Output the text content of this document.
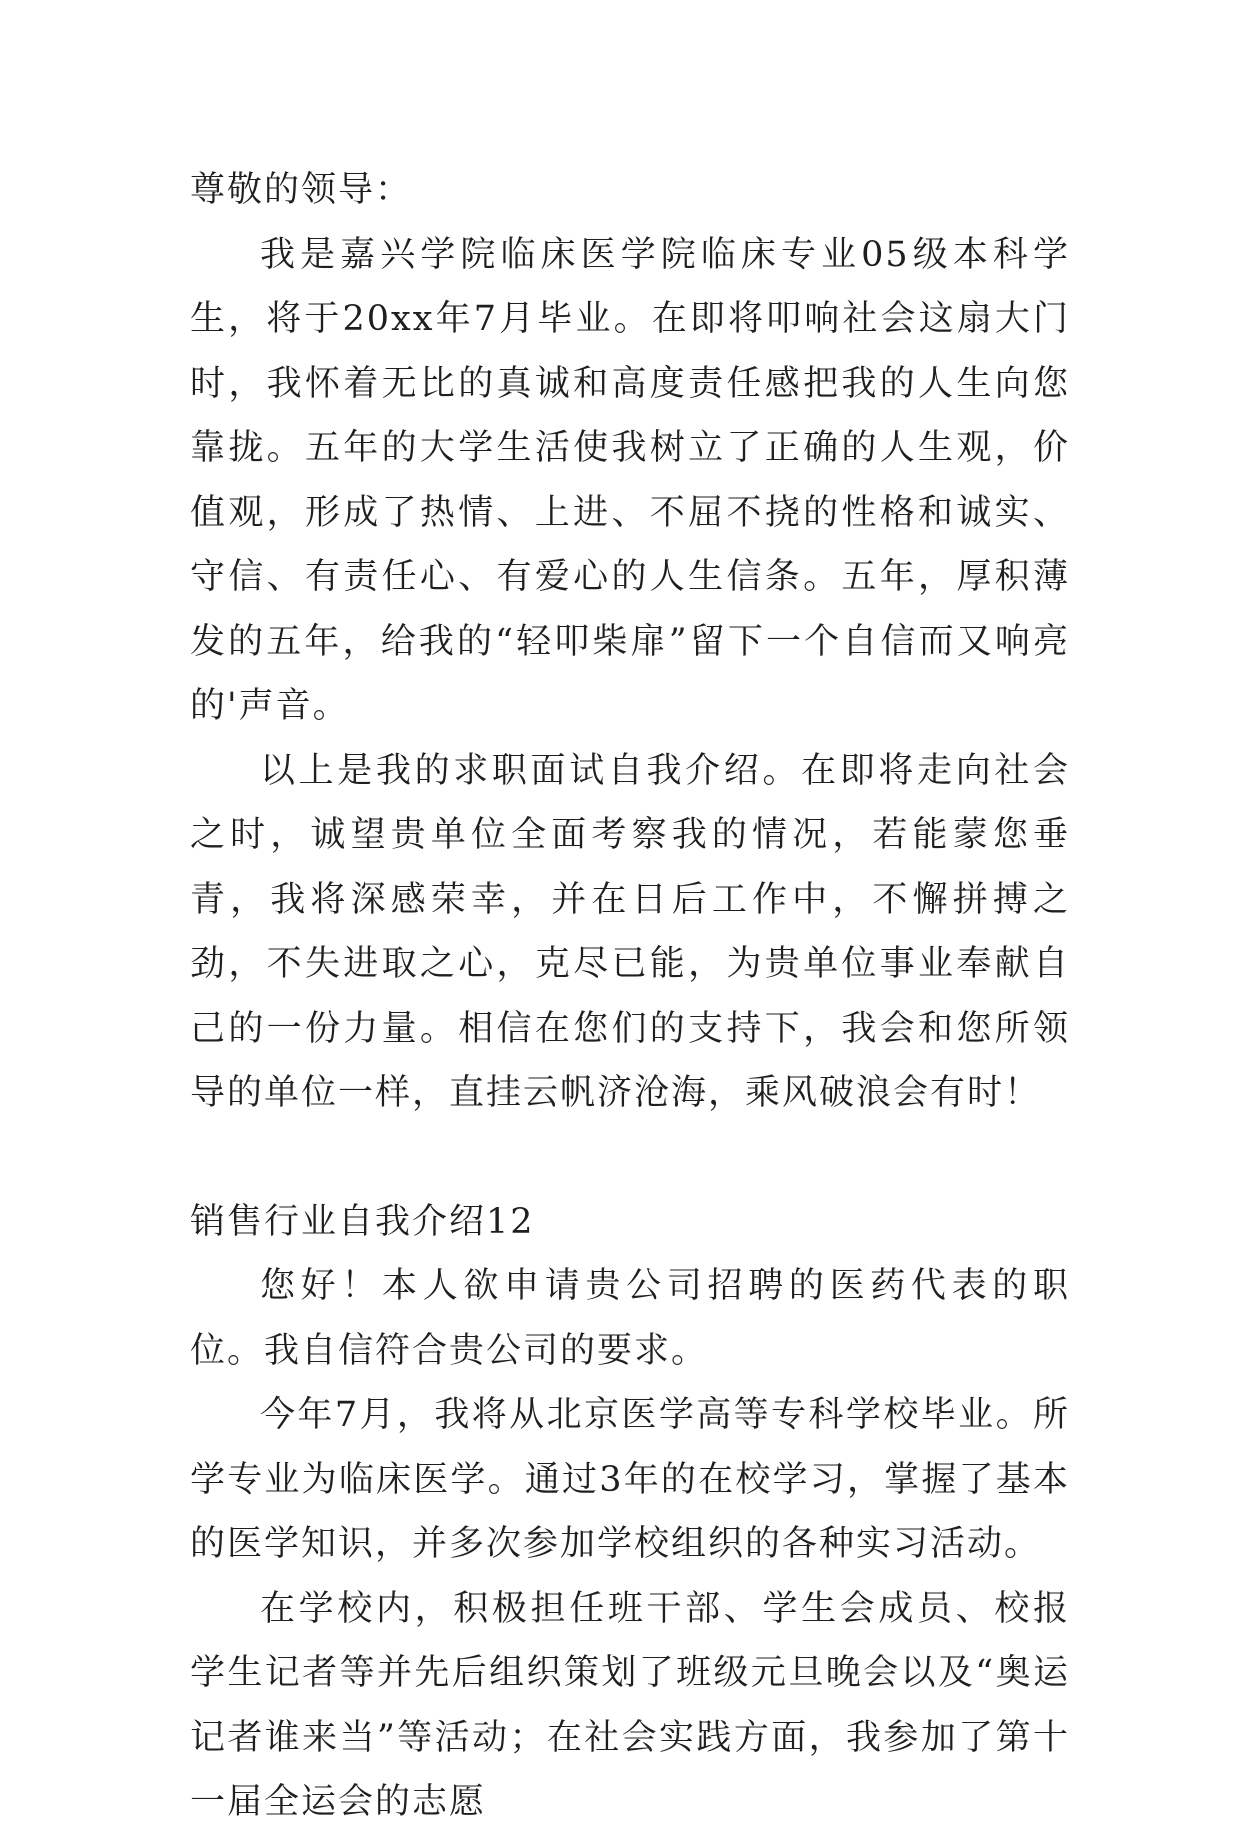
尊敬的领导：

我是嘉兴学院临床医学院临床专业05级本科学生，将于20xx年7月毕业。在即将叩响社会这扇大门时，我怀着无比的真诚和高度责任感把我的人生向您靠拢。五年的大学生活使我树立了正确的人生观，价值观，形成了热情、上进、不屈不挠的性格和诚实、守信、有责任心、有爱心的人生信条。五年，厚积薄发的五年，给我的“轻叩柴扉”留下一个自信而又响亮的'声音。

以上是我的求职面试自我介绍。在即将走向社会之时，诚望贵单位全面考察我的情况，若能蒙您垂青，我将深感荣幸，并在日后工作中，不懈拼搏之劲，不失进取之心，克尽已能，为贵单位事业奉献自己的一份力量。相信在您们的支持下，我会和您所领导的单位一样，直挂云帆济沧海，乘风破浪会有时！

销售行业自我介绍12

您好！本人欲申请贵公司招聘的医药代表的职位。我自信符合贵公司的要求。

今年7月，我将从北京医学高等专科学校毕业。所学专业为临床医学。通过3年的在校学习，掌握了基本的医学知识，并多次参加学校组织的各种实习活动。

在学校内，积极担任班干部、学生会成员、校报学生记者等并先后组织策划了班级元旦晚会以及“奥运记者谁来当”等活动；在社会实践方面，我参加了第十一届全运会的志愿
